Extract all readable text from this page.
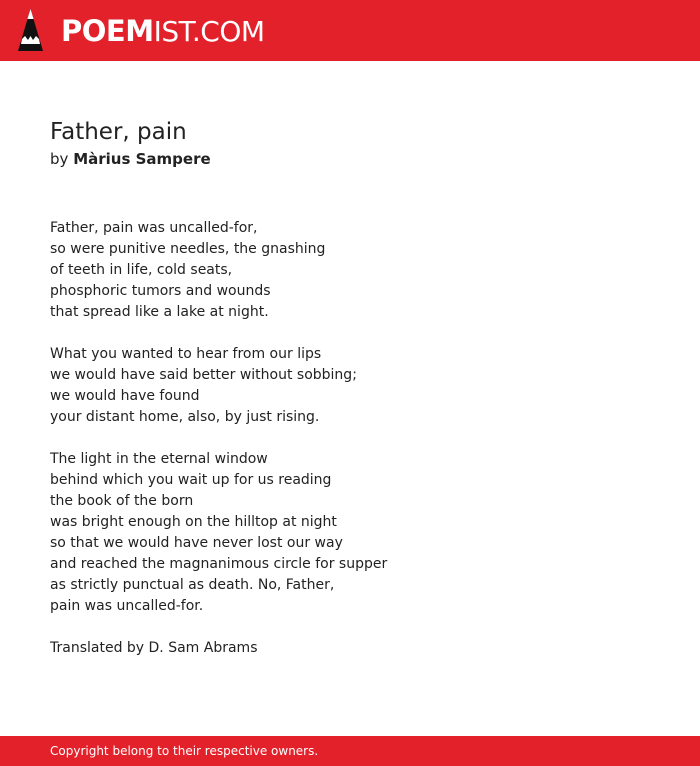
POEMIST.COM
Father, pain
by Màrius Sampere
Father, pain was uncalled-for,
so were punitive needles, the gnashing
of teeth in life, cold seats,
phosphoric tumors and wounds
that spread like a lake at night.
What you wanted to hear from our lips
we would have said better without sobbing;
we would have found
your distant home, also, by just rising.
The light in the eternal window
behind which you wait up for us reading
the book of the born
was bright enough on the hilltop at night
so that we would have never lost our way
and reached the magnanimous circle for supper
as strictly punctual as death. No, Father,
pain was uncalled-for.
Translated by D. Sam Abrams
Copyright belong to their respective owners.
